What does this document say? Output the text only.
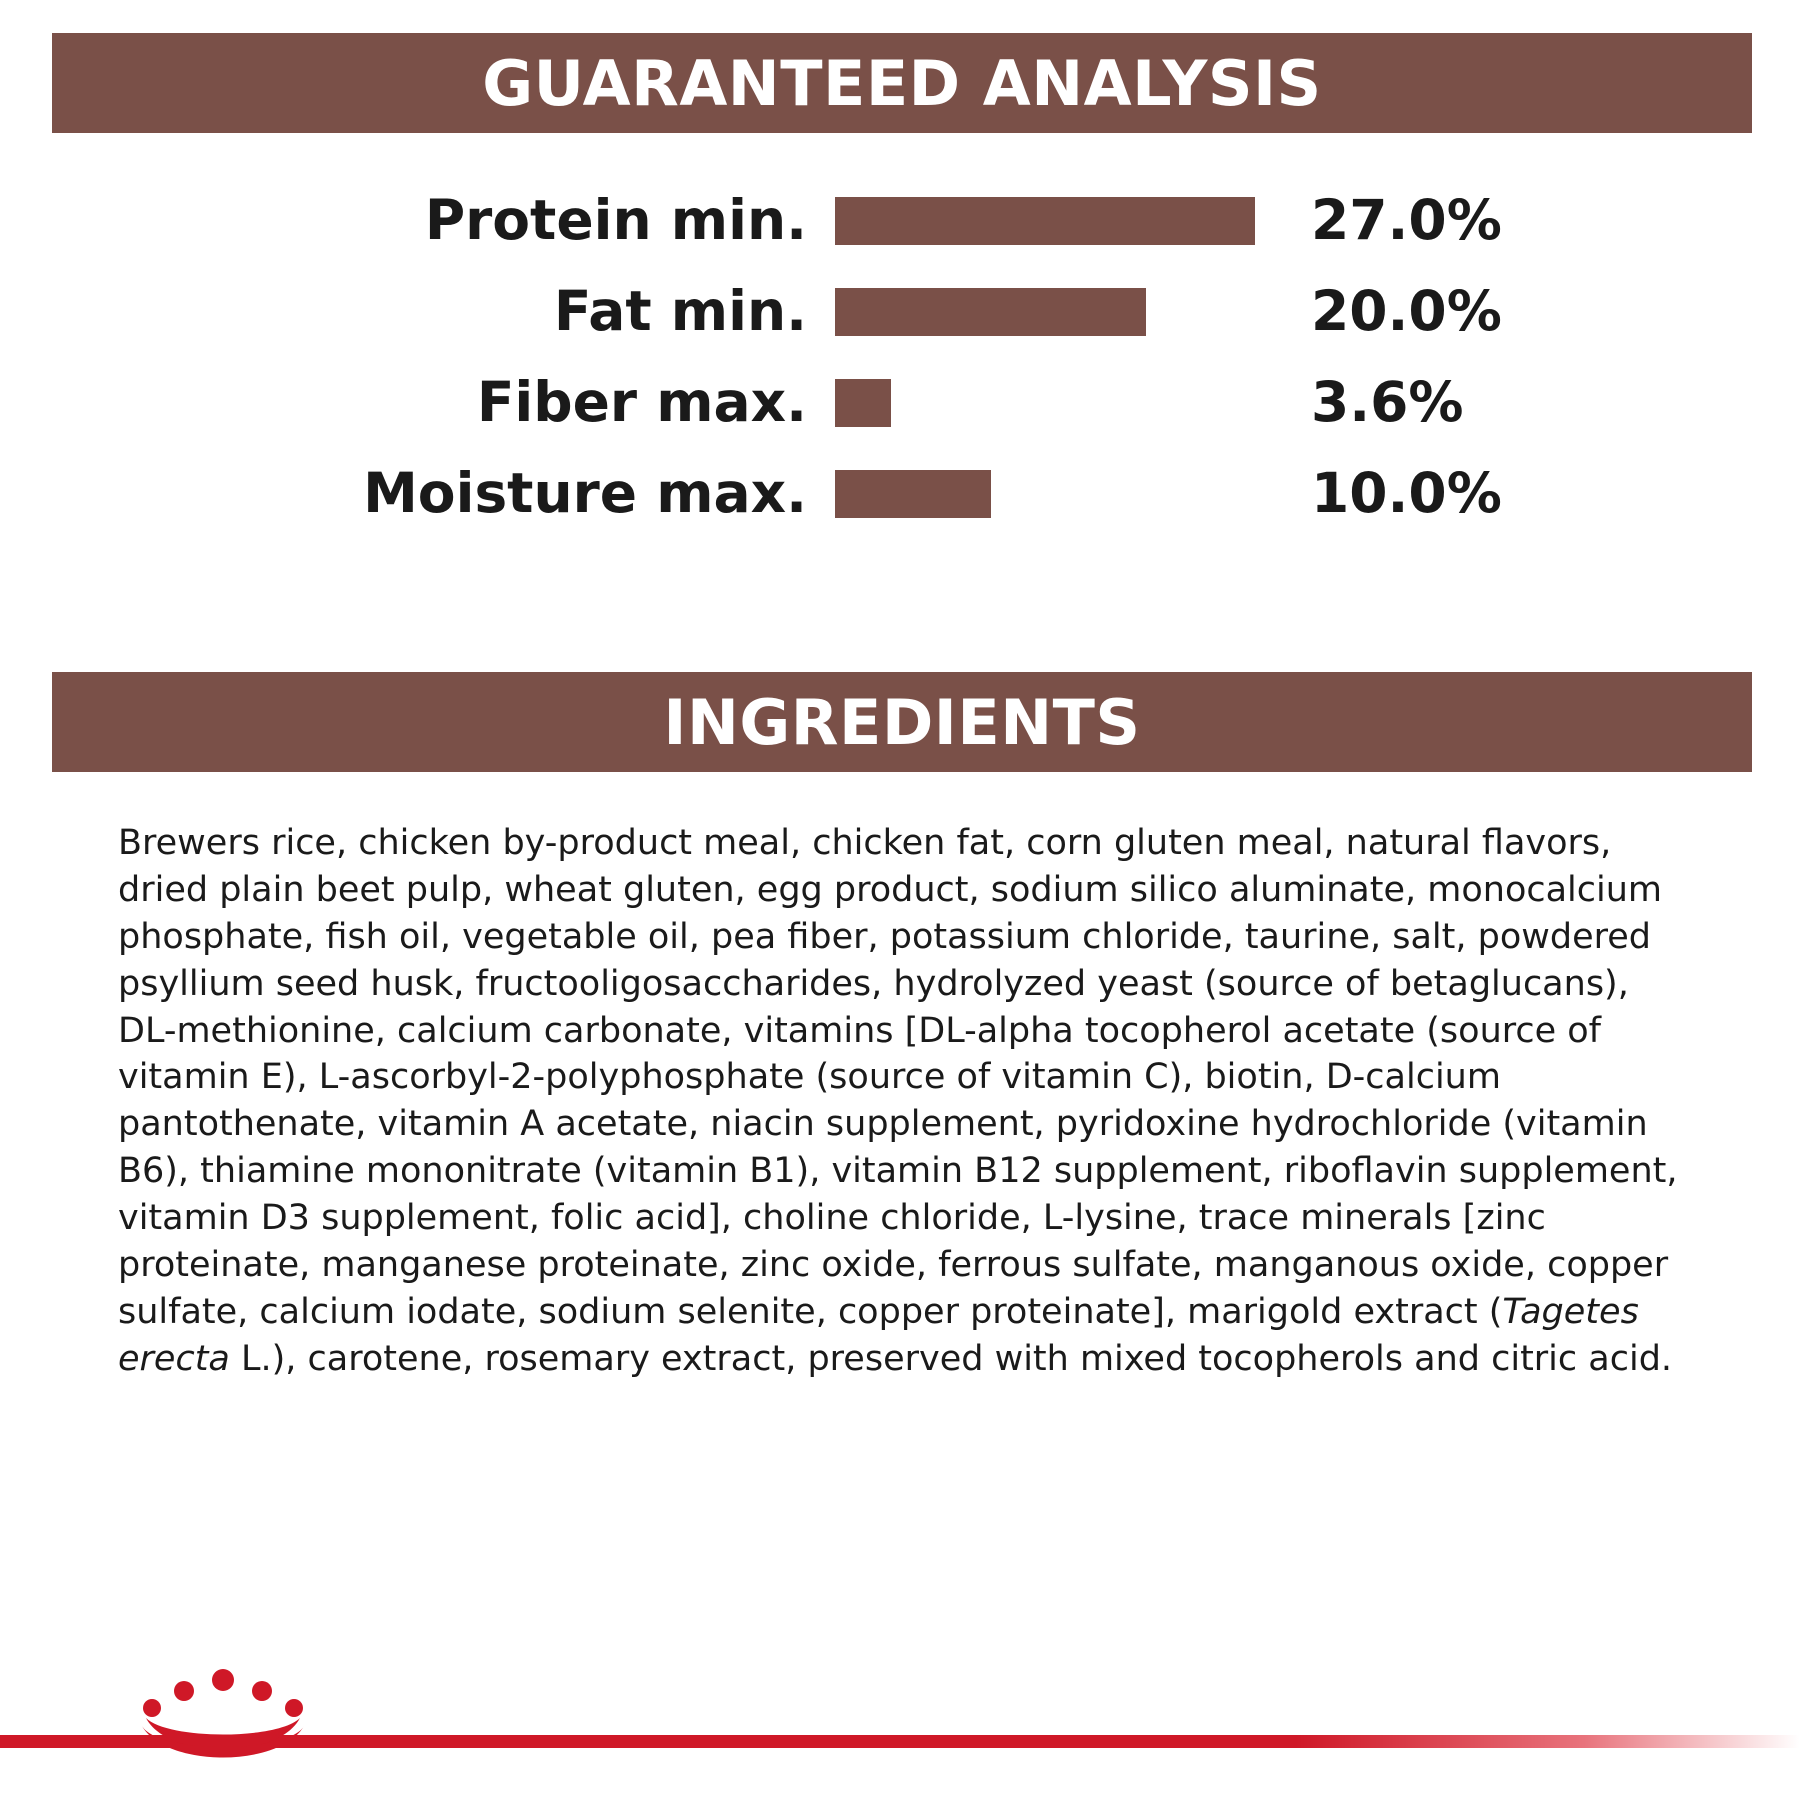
GUARANTEED ANALYSIS
Protein min.	27.0%
Fat min.	20.0%
Fiber max.	3.6%
Moisture max.	10.0%
INGREDIENTS
Brewers rice, chicken by-product meal, chicken fat, corn gluten meal, natural flavors, dried plain beet pulp, wheat gluten, egg product, sodium silico aluminate, monocalcium phosphate, fish oil, vegetable oil, pea fiber, potassium chloride, taurine, salt, powdered psyllium seed husk, fructooligosaccharides, hydrolyzed yeast (source of betaglucans), DL-methionine, calcium carbonate, vitamins [DL-alpha tocopherol acetate (source of vitamin E), L-ascorbyl-2-polyphosphate (source of vitamin C), biotin, D-calcium pantothenate, vitamin A acetate, niacin supplement, pyridoxine hydrochloride (vitamin B6), thiamine mononitrate (vitamin B1), vitamin B12 supplement, riboflavin supplement, vitamin D3 supplement, folic acid], choline chloride, L-lysine, trace minerals [zinc proteinate, manganese proteinate, zinc oxide, ferrous sulfate, manganous oxide, copper sulfate, calcium iodate, sodium selenite, copper proteinate], marigold extract (Tagetes erecta L.), carotene, rosemary extract, preserved with mixed tocopherols and citric acid.
